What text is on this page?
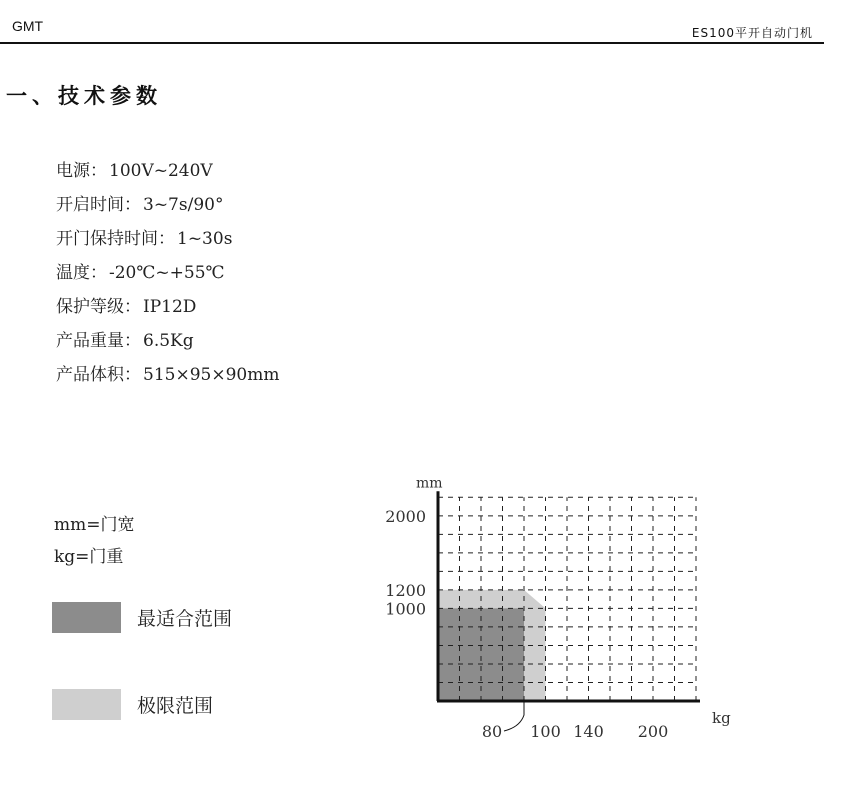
GMT	ES100平开自动门机
一、技术参数
电源： 100V~240V
开启时间： 3~7s/90°
开门保持时间： 1~30s
温度： -20℃~+55℃
保护等级： IP12D
产品重量： 6.5Kg
产品体积： 515×95×90mm
mm=门宽
kg=门重
最适合范围
极限范围
mm
kg
2000
1200
1000
80 100 140 200
